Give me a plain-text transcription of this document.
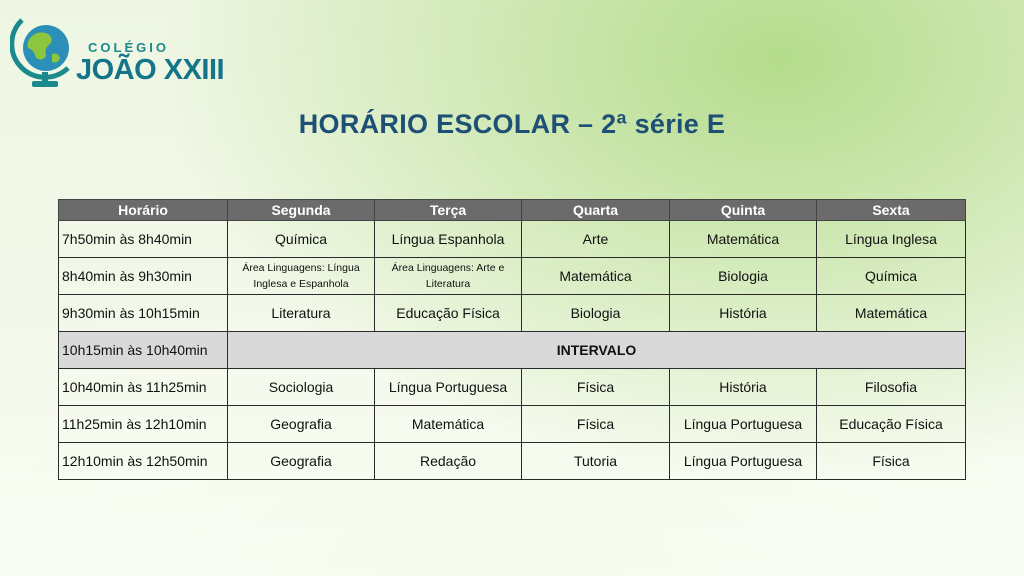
COLÉGIO
JOÃO XXIII
HORÁRIO ESCOLAR – 2ª série E
Horário	Segunda	Terça	Quarta	Quinta	Sexta
7h50min às 8h40min	Química	Língua Espanhola	Arte	Matemática	Língua Inglesa
8h40min às 9h30min	Área Linguagens: Língua Inglesa e Espanhola	Área Linguagens: Arte e Literatura	Matemática	Biologia	Química
9h30min às 10h15min	Literatura	Educação Física	Biologia	História	Matemática
10h15min às 10h40min	INTERVALO				
10h40min às 11h25min	Sociologia	Língua Portuguesa	Física	História	Filosofia
11h25min às 12h10min	Geografia	Matemática	Física	Língua Portuguesa	Educação Física
12h10min às 12h50min	Geografia	Redação	Tutoria	Língua Portuguesa	Física
